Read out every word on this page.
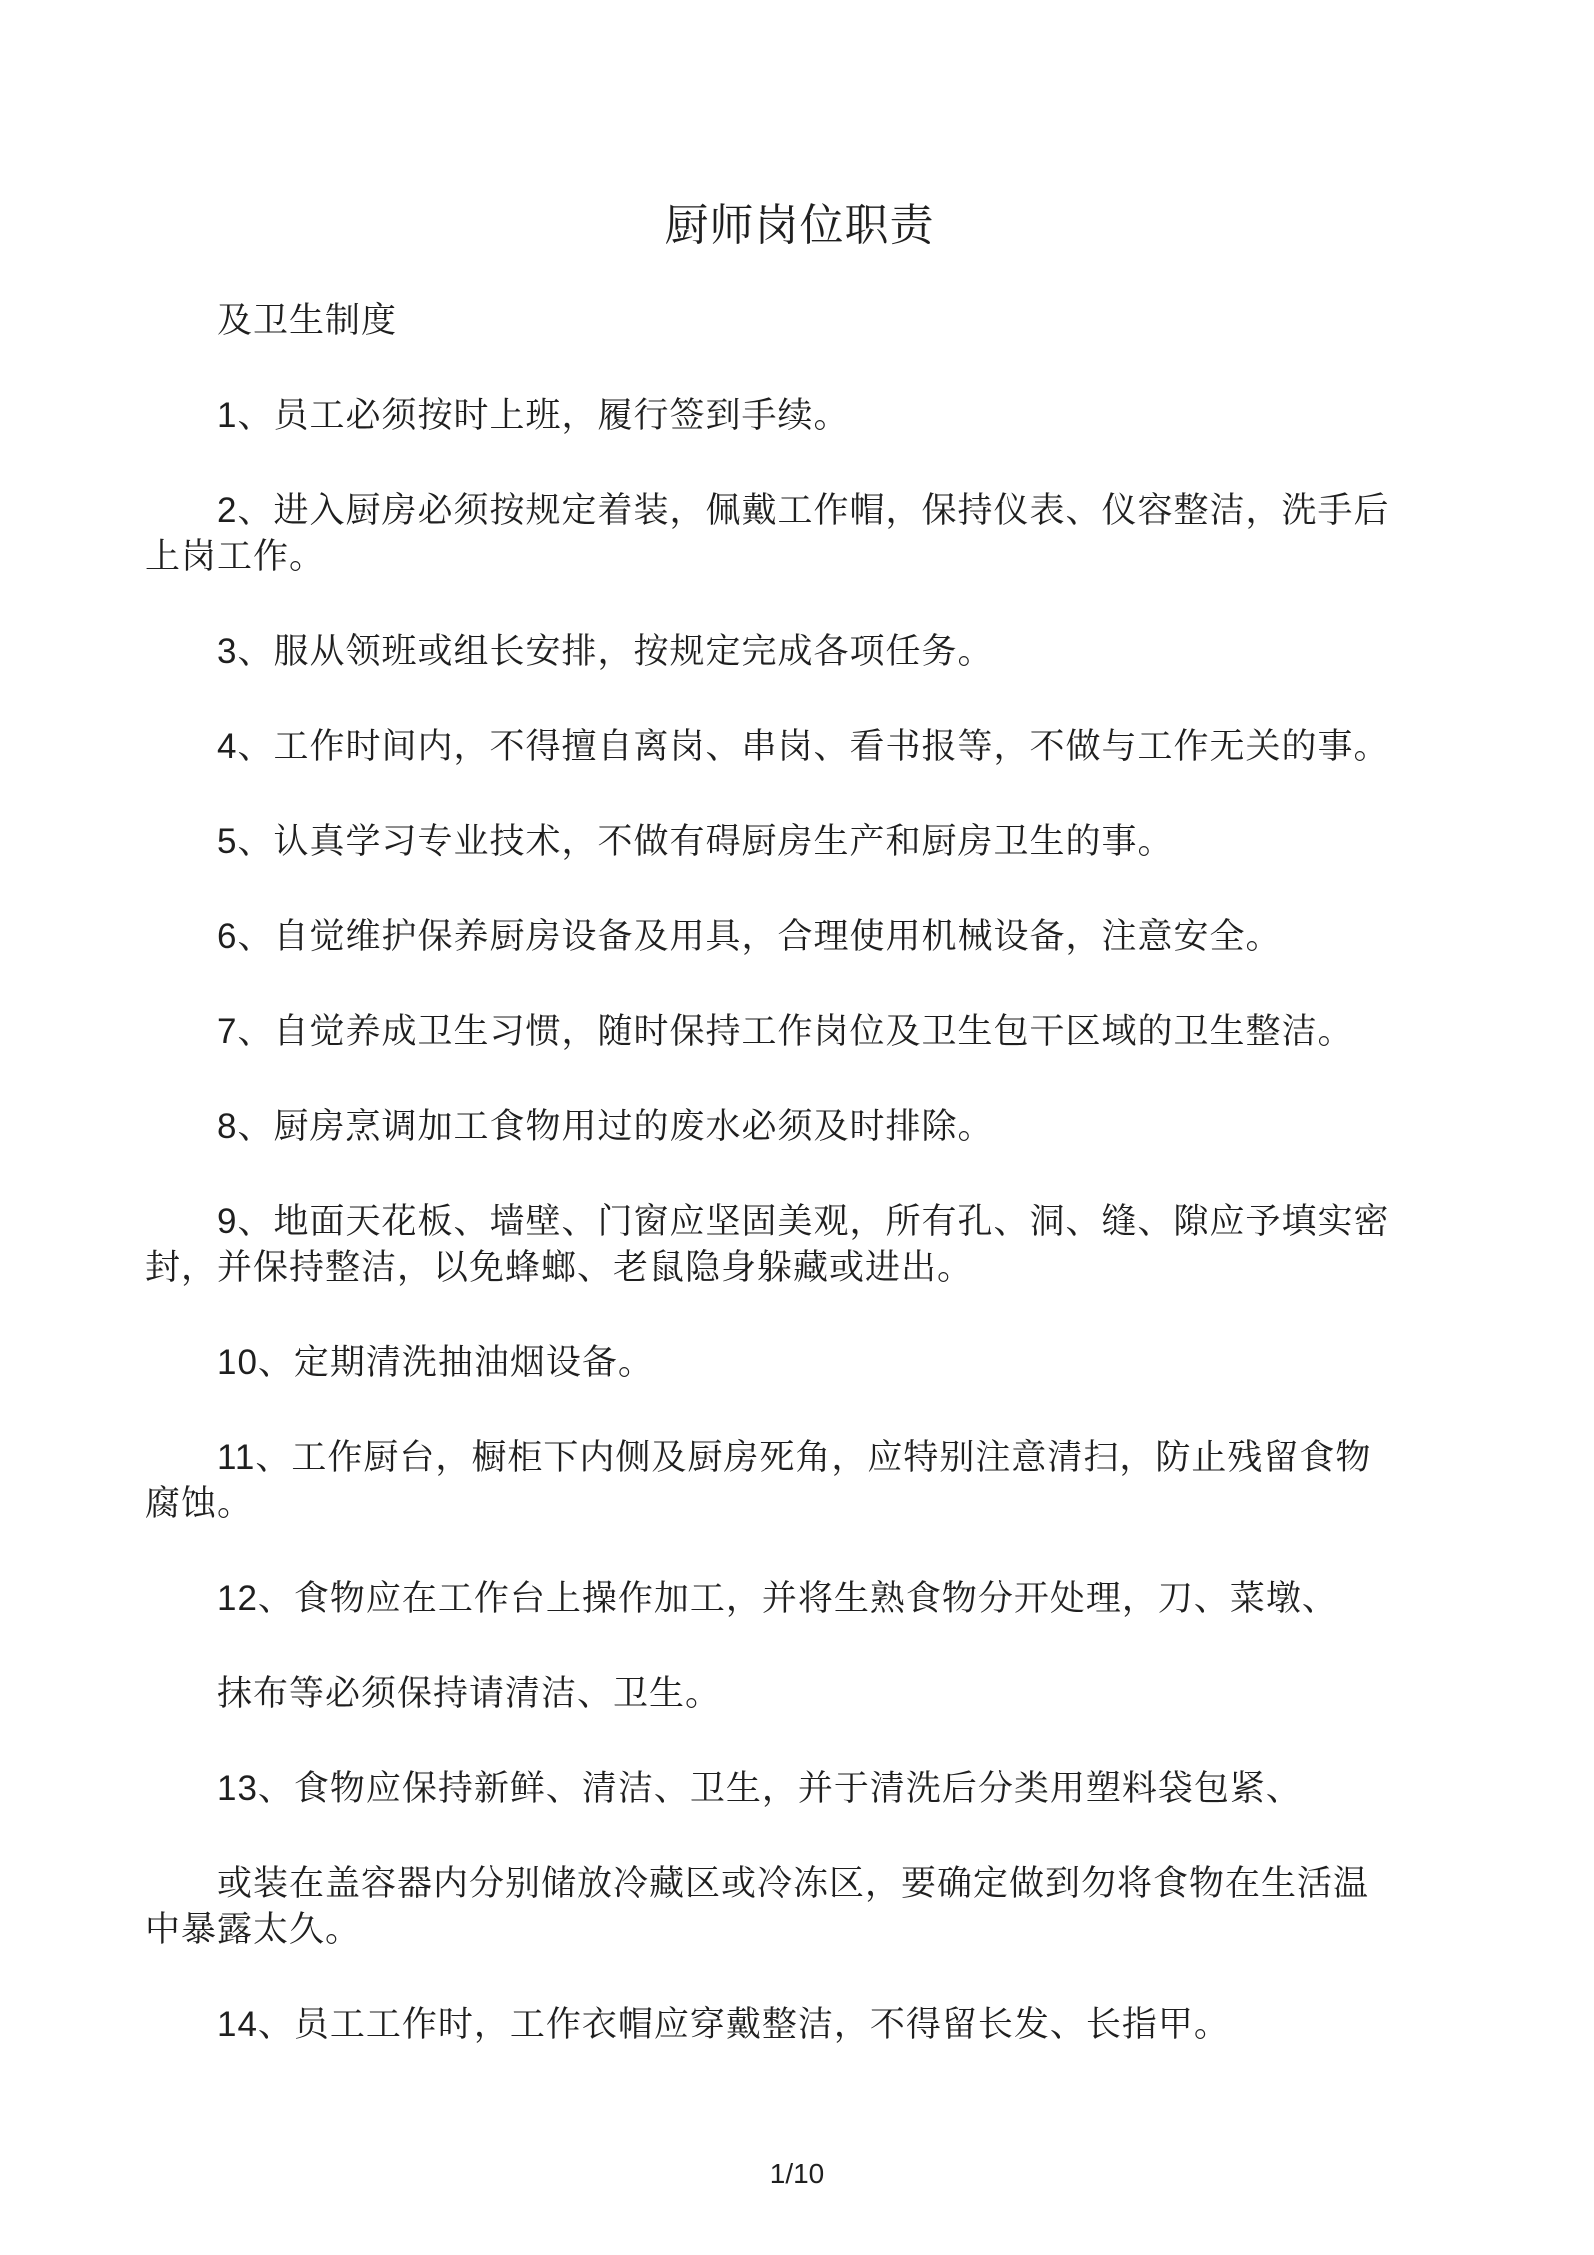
厨师岗位职责
及卫生制度
1、员工必须按时上班，履行签到手续。
2、进入厨房必须按规定着装，佩戴工作帽，保持仪表、仪容整洁，洗手后
上岗工作。
3、服从领班或组长安排，按规定完成各项任务。
4、工作时间内，不得擅自离岗、串岗、看书报等，不做与工作无关的事。
5、认真学习专业技术，不做有碍厨房生产和厨房卫生的事。
6、自觉维护保养厨房设备及用具，合理使用机械设备，注意安全。
7、自觉养成卫生习惯，随时保持工作岗位及卫生包干区域的卫生整洁。
8、厨房烹调加工食物用过的废水必须及时排除。
9、地面天花板、墙壁、门窗应坚固美观，所有孔、洞、缝、隙应予填实密
封，并保持整洁，以免蜂螂、老鼠隐身躲藏或进出。
10、定期清洗抽油烟设备。
11、工作厨台，橱柜下内侧及厨房死角，应特别注意清扫，防止残留食物
腐蚀。
12、食物应在工作台上操作加工，并将生熟食物分开处理，刀、菜墩、
抹布等必须保持请清洁、卫生。
13、食物应保持新鲜、清洁、卫生，并于清洗后分类用塑料袋包紧、
或装在盖容器内分别储放冷藏区或冷冻区，要确定做到勿将食物在生活温
中暴露太久。
14、员工工作时，工作衣帽应穿戴整洁，不得留长发、长指甲。
1/10
